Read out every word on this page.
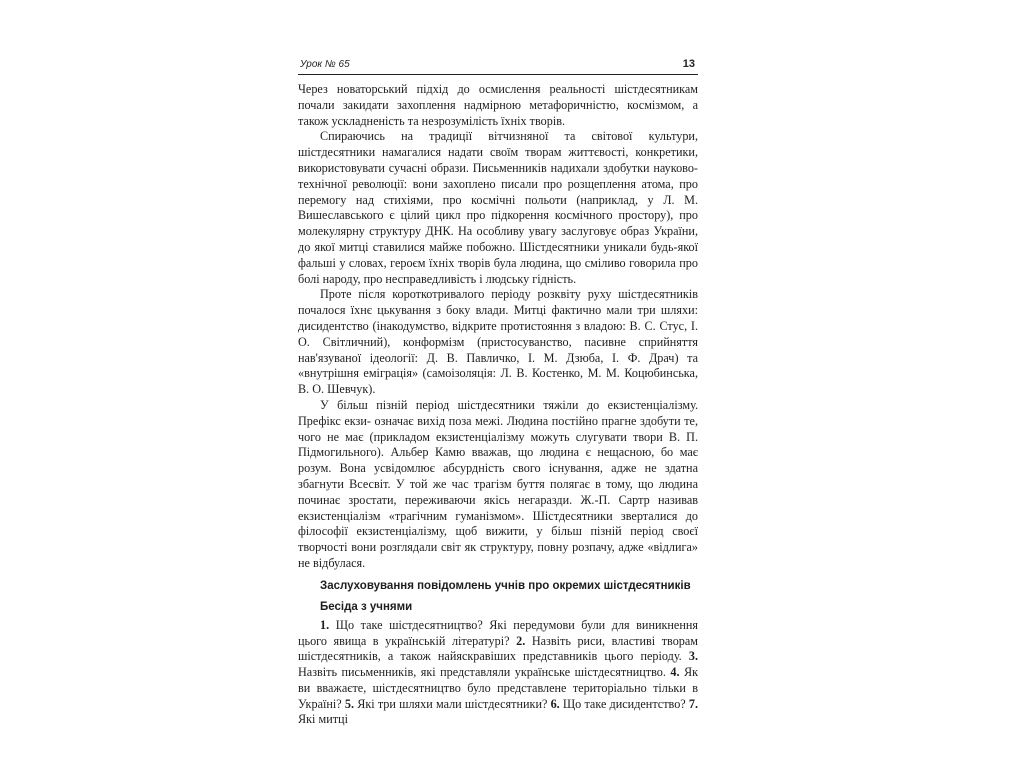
Урок № 65	13

Через новаторський підхід до осмислення реальності шістдесятникам почали закидати захоплення надмірною метафоричністю, космізмом, а також ускладненість та незрозумілість їхніх творів.

Спираючись на традиції вітчизняної та світової культури, шістдесятники намагалися надати своїм творам життєвості, конкретики, використовувати сучасні образи. Письменників надихали здобутки науково-технічної революції: вони захоплено писали про розщеплення атома, про перемогу над стихіями, про космічні польоти (наприклад, у Л. М. Вишеславського є цілий цикл про підкорення космічного простору), про молекулярну структуру ДНК. На особливу увагу заслуговує образ України, до якої митці ставилися майже побожно. Шістдесятники уникали будь-якої фальші у словах, героєм їхніх творів була людина, що сміливо говорила про болі народу, про несправедливість і людську гідність.

Проте після короткотривалого періоду розквіту руху шістдесятників почалося їхнє цькування з боку влади. Митці фактично мали три шляхи: дисидентство (інакодумство, відкрите протистояння з владою: В. С. Стус, І. О. Світличний), конформізм (пристосуванство, пасивне сприйняття нав'язуваної ідеології: Д. В. Павличко, І. М. Дзюба, І. Ф. Драч) та «внутрішня еміграція» (самоізоляція: Л. В. Костенко, М. М. Коцюбинська, В. О. Шевчук).

У більш пізній період шістдесятники тяжіли до екзистенціалізму. Префікс екзи- означає вихід поза межі. Людина постійно прагне здобути те, чого не має (прикладом екзистенціалізму можуть слугувати твори В. П. Підмогильного). Альбер Камю вважав, що людина є нещасною, бо має розум. Вона усвідомлює абсурдність свого існування, адже не здатна збагнути Всесвіт. У той же час трагізм буття полягає в тому, що людина починає зростати, переживаючи якісь негаразди. Ж.-П. Сартр називав екзистенціалізм «трагічним гуманізмом». Шістдесятники зверталися до філософії екзистенціалізму, щоб вижити, у більш пізній період своєї творчості вони розглядали світ як структуру, повну розпачу, адже «відлига» не відбулася.

Заслуховування повідомлень учнів про окремих шістдесятників
Бесіда з учнями

1. Що таке шістдесятництво? Які передумови були для виникнення цього явища в українській літературі? 2. Назвіть риси, властиві творам шістдесятників, а також найяскравіших представників цього періоду. 3. Назвіть письменників, які представляли українське шістдесятництво. 4. Як ви вважаєте, шістдесятництво було представлене територіально тільки в Україні? 5. Які три шляхи мали шістдесятники? 6. Що таке дисидентство? 7. Які митці
